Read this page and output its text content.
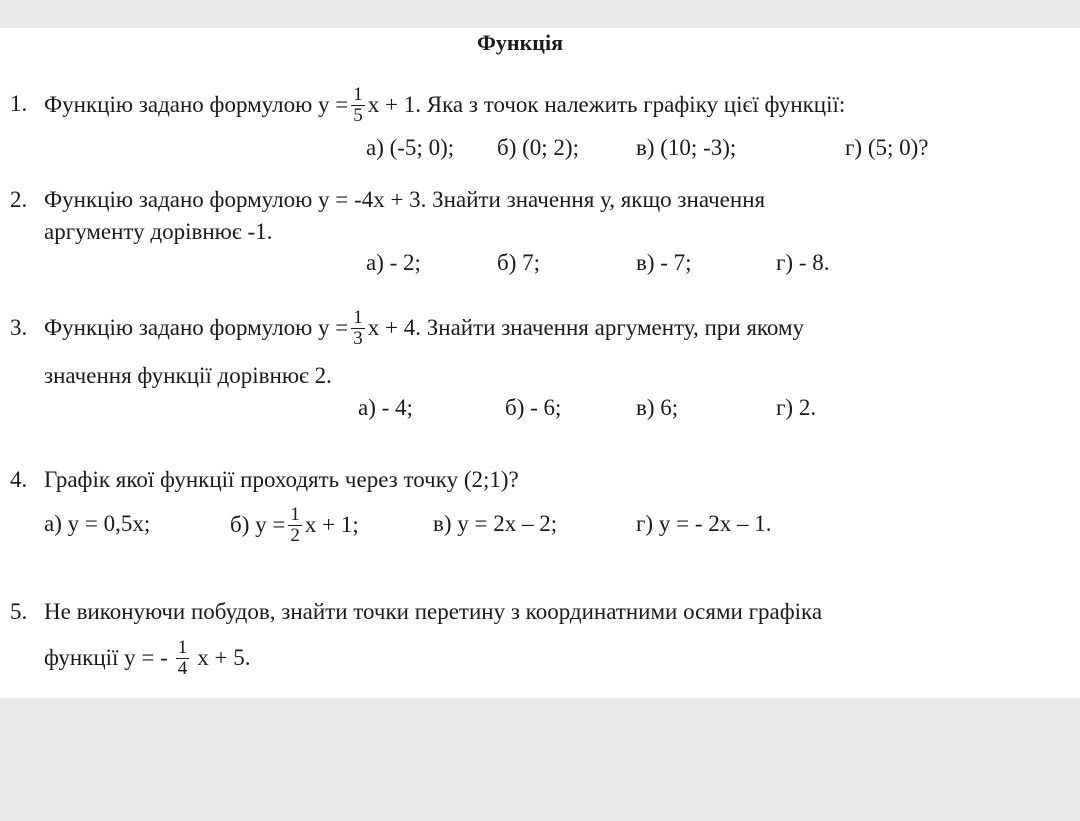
Функція
1. Функцію задано формулою $y = \frac{1}{5}$ x + 1. Яка з точок належить графіку цієї функції:
а) (-5; 0); б) (0; 2); в) (10; -3);	г) (5; 0)?
2. Функцію задано формулою y = -4x + 3. Знайти значення у, якщо значення
аргументу дорівнює -1.
а) - 2;	б) 7;	в) - 7;	г) - 8.
3. Функцію задано формулою $y = \frac{1}{3}$ x + 4. Знайти значення аргументу, при якому
значення функції дорівнює 2.
а) - 4;	б) - 6;	в) 6;	г) 2.
4. Графік якої функції проходять через точку (2;1)?
а) y = 0,5x;	б) $y = \frac{1}{2}$ x + 1;	в) y = 2x – 2;	г) y = - 2x – 1.
5. Не виконуючи побудов, знайти точки перетину з координатними осями графіка
функції y = - $\frac{1}{4}$ x + 5.
